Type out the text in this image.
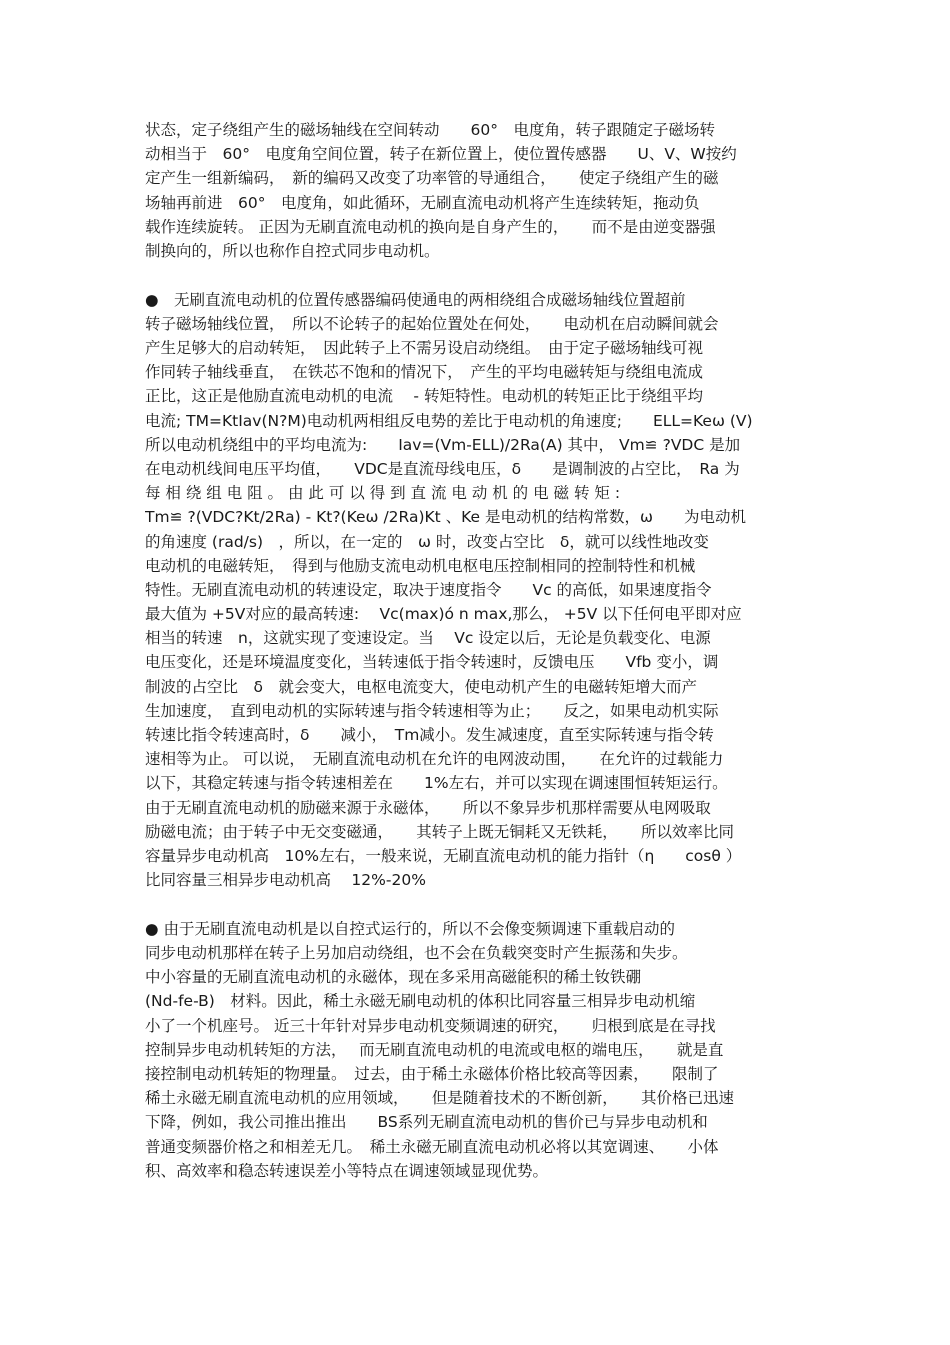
状态，定子绕组产生的磁场轴线在空间转动　　60°　电度角，转子跟随定子磁场转
动相当于　60°　电度角空间位置，转子在新位置上，使位置传感器　　U、V、W按约
定产生一组新编码，　新的编码又改变了功率管的导通组合，　　使定子绕组产生的磁
场轴再前进　60°　电度角，如此循环，无刷直流电动机将产生连续转矩，拖动负
载作连续旋转。 正因为无刷直流电动机的换向是自身产生的，　　而不是由逆变器强
制换向的，所以也称作自控式同步电动机。
●　无刷直流电动机的位置传感器编码使通电的两相绕组合成磁场轴线位置超前
转子磁场轴线位置，　所以不论转子的起始位置处在何处，　　电动机在启动瞬间就会
产生足够大的启动转矩，　因此转子上不需另设启动绕组。　由于定子磁场轴线可视
作同转子轴线垂直，　在铁芯不饱和的情况下，　产生的平均电磁转矩与绕组电流成
正比，这正是他励直流电动机的电流　 - 转矩特性。电动机的转矩正比于绕组平均
电流; TM=KtIav(N?M)电动机两相组反电势的差比于电动机的角速度;　　ELL=Keω (V)
所以电动机绕组中的平均电流为:　　Iav=(Vm-ELL)/2Ra(A) 其中， Vm≌ ?VDC 是加
在电动机线间电压平均值，　　VDC是直流母线电压，δ　　是调制波的占空比，　Ra 为
每 相 绕 组 电 阻 。 由 此 可 以 得 到 直 流 电 动 机 的 电 磁 转 矩 :
Tm≌ ?(VDC?Kt/2Ra) - Kt?(Keω /2Ra)Kt 、Ke 是电动机的结构常数，ω　　为电动机
的角速度 (rad/s)　，所以，在一定的　ω 时，改变占空比　δ，就可以线性地改变
电动机的电磁转矩，　得到与他励支流电动机电枢电压控制相同的控制特性和机械
特性。无刷直流电动机的转速设定，取决于速度指令　　Vc 的高低，如果速度指令
最大值为 +5V对应的最高转速:　 Vc(max)ó n max,那么， +5V 以下任何电平即对应
相当的转速　n，这就实现了变速设定。当　 Vc 设定以后，无论是负载变化、电源
电压变化，还是环境温度变化，当转速低于指令转速时，反馈电压　　Vfb 变小，调
制波的占空比　δ　就会变大，电枢电流变大，使电动机产生的电磁转矩增大而产
生加速度，　直到电动机的实际转速与指令转速相等为止；　　反之，如果电动机实际
转速比指令转速高时，δ　　减小，　Tm减小。发生减速度，直至实际转速与指令转
速相等为止。 可以说，　无刷直流电动机在允许的电网波动围，　　在允许的过载能力
以下，其稳定转速与指令转速相差在　　1%左右，并可以实现在调速围恒转矩运行。
由于无刷直流电动机的励磁来源于永磁体，　　所以不象异步机那样需要从电网吸取
励磁电流；由于转子中无交变磁通，　　其转子上既无铜耗又无铁耗，　　所以效率比同
容量异步电动机高　10%左右，一般来说，无刷直流电动机的能力指针（η　　cosθ ）
比同容量三相异步电动机高　 12%-20%
● 由于无刷直流电动机是以自控式运行的，所以不会像变频调速下重载启动的
同步电动机那样在转子上另加启动绕组，也不会在负载突变时产生振荡和失步。
中小容量的无刷直流电动机的永磁体，现在多采用高磁能积的稀土钕铁硼
(Nd-fe-B)　材料。因此，稀土永磁无刷电动机的体积比同容量三相异步电动机缩
小了一个机座号。 近三十年针对异步电动机变频调速的研究，　　归根到底是在寻找
控制异步电动机转矩的方法，　 而无刷直流电动机的电流或电枢的端电压，　　就是直
接控制电动机转矩的物理量。　过去，由于稀土永磁体价格比较高等因素，　　限制了
稀土永磁无刷直流电动机的应用领域，　　但是随着技术的不断创新，　　其价格已迅速
下降，例如，我公司推出推出　　BS系列无刷直流电动机的售价已与异步电动机和
普通变频器价格之和相差无几。　稀土永磁无刷直流电动机必将以其宽调速、　　小体
积、高效率和稳态转速误差小等特点在调速领域显现优势。
